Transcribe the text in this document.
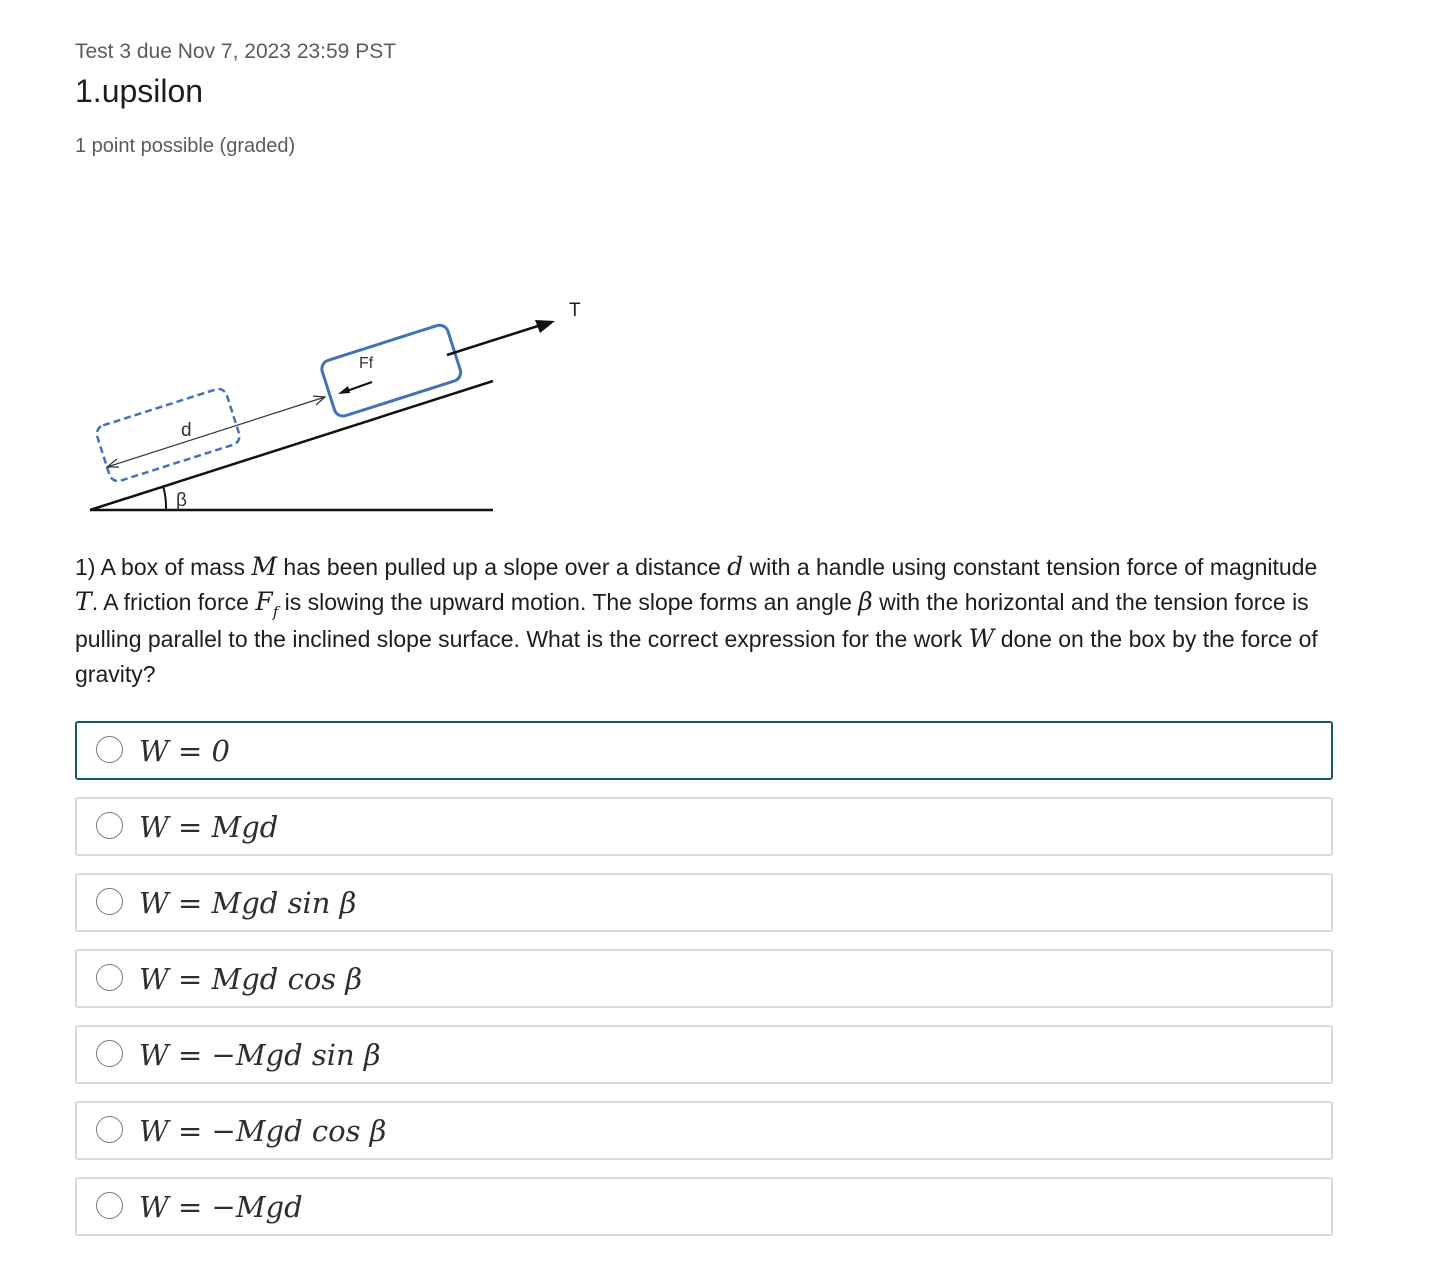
Test 3 due Nov 7, 2023 23:59 PST
1.upsilon
1 point possible (graded)
d
Ff
T
β
1) A box of mass M has been pulled up a slope over a distance d with a handle using constant tension force of magnitude T. A friction force $F_f$ is slowing the upward motion. The slope forms an angle β with the horizontal and the tension force is pulling parallel to the inclined slope surface. What is the correct expression for the work W done on the box by the force of gravity?
W = 0
W = Mgd
W = Mgd sin β
W = Mgd cos β
W = −Mgd sin β
W = −Mgd cos β
W = −Mgd
